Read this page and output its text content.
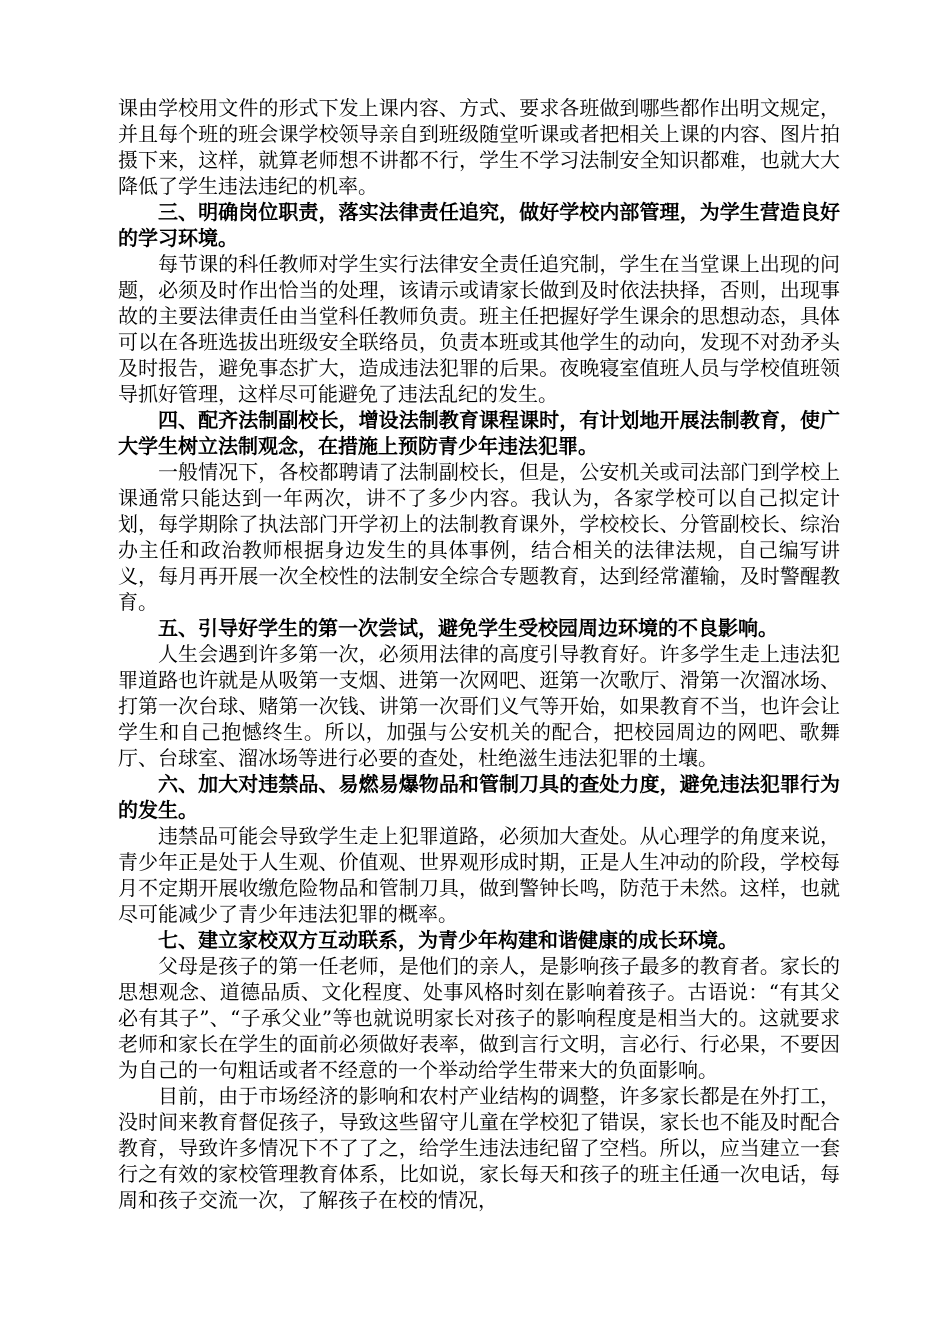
课由学校用文件的形式下发上课内容、方式、要求各班做到哪些都作出明文规定，并且每个班的班会课学校领导亲自到班级随堂听课或者把相关上课的内容、图片拍摄下来，这样，就算老师想不讲都不行，学生不学习法制安全知识都难，也就大大降低了学生违法违纪的机率。

三、明确岗位职责，落实法律责任追究，做好学校内部管理，为学生营造良好的学习环境。

每节课的科任教师对学生实行法律安全责任追究制，学生在当堂课上出现的问题，必须及时作出恰当的处理，该请示或请家长做到及时依法抉择，否则，出现事故的主要法律责任由当堂科任教师负责。班主任把握好学生课余的思想动态，具体可以在各班选拔出班级安全联络员，负责本班或其他学生的动向，发现不对劲矛头及时报告，避免事态扩大，造成违法犯罪的后果。夜晚寝室值班人员与学校值班领导抓好管理，这样尽可能避免了违法乱纪的发生。

四、配齐法制副校长，增设法制教育课程课时，有计划地开展法制教育，使广大学生树立法制观念，在措施上预防青少年违法犯罪。

一般情况下，各校都聘请了法制副校长，但是，公安机关或司法部门到学校上课通常只能达到一年两次，讲不了多少内容。我认为，各家学校可以自己拟定计划，每学期除了执法部门开学初上的法制教育课外，学校校长、分管副校长、综治办主任和政治教师根据身边发生的具体事例，结合相关的法律法规，自己编写讲义，每月再开展一次全校性的法制安全综合专题教育，达到经常灌输，及时警醒教育。

五、引导好学生的第一次尝试，避免学生受校园周边环境的不良影响。

人生会遇到许多第一次，必须用法律的高度引导教育好。许多学生走上违法犯罪道路也许就是从吸第一支烟、进第一次网吧、逛第一次歌厅、滑第一次溜冰场、打第一次台球、赌第一次钱、讲第一次哥们义气等开始，如果教育不当，也许会让学生和自己抱憾终生。所以，加强与公安机关的配合，把校园周边的网吧、歌舞厅、台球室、溜冰场等进行必要的查处，杜绝滋生违法犯罪的土壤。

六、加大对违禁品、易燃易爆物品和管制刀具的查处力度，避免违法犯罪行为的发生。

违禁品可能会导致学生走上犯罪道路，必须加大查处。从心理学的角度来说，青少年正是处于人生观、价值观、世界观形成时期，正是人生冲动的阶段，学校每月不定期开展收缴危险物品和管制刀具，做到警钟长鸣，防范于未然。这样，也就尽可能减少了青少年违法犯罪的概率。

七、建立家校双方互动联系，为青少年构建和谐健康的成长环境。

父母是孩子的第一任老师，是他们的亲人，是影响孩子最多的教育者。家长的思想观念、道德品质、文化程度、处事风格时刻在影响着孩子。古语说：“有其父必有其子”、“子承父业”等也就说明家长对孩子的影响程度是相当大的。这就要求老师和家长在学生的面前必须做好表率，做到言行文明，言必行、行必果，不要因为自己的一句粗话或者不经意的一个举动给学生带来大的负面影响。

目前，由于市场经济的影响和农村产业结构的调整，许多家长都是在外打工，没时间来教育督促孩子，导致这些留守儿童在学校犯了错误，家长也不能及时配合教育，导致许多情况下不了了之，给学生违法违纪留了空档。所以，应当建立一套行之有效的家校管理教育体系，比如说，家长每天和孩子的班主任通一次电话，每周和孩子交流一次，了解孩子在校的情况，
